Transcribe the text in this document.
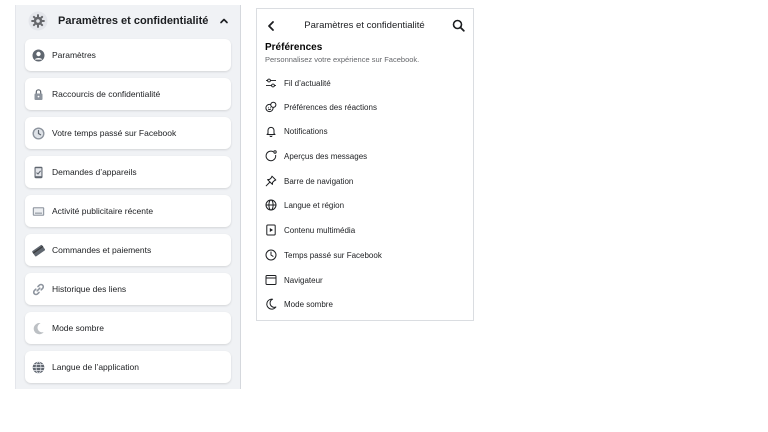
Paramètres et confidentialité
Paramètres
Raccourcis de confidentialité
Votre temps passé sur Facebook
Demandes d’appareils
Activité publicitaire récente
Commandes et paiements
Historique des liens
Mode sombre
Langue de l’application
Paramètres et confidentialité
Préférences
Personnalisez votre expérience sur Facebook.
Fil d’actualité
Préférences des réactions
Notifications
Aperçus des messages
Barre de navigation
Langue et région
Contenu multimédia
Temps passé sur Facebook
Navigateur
Mode sombre
